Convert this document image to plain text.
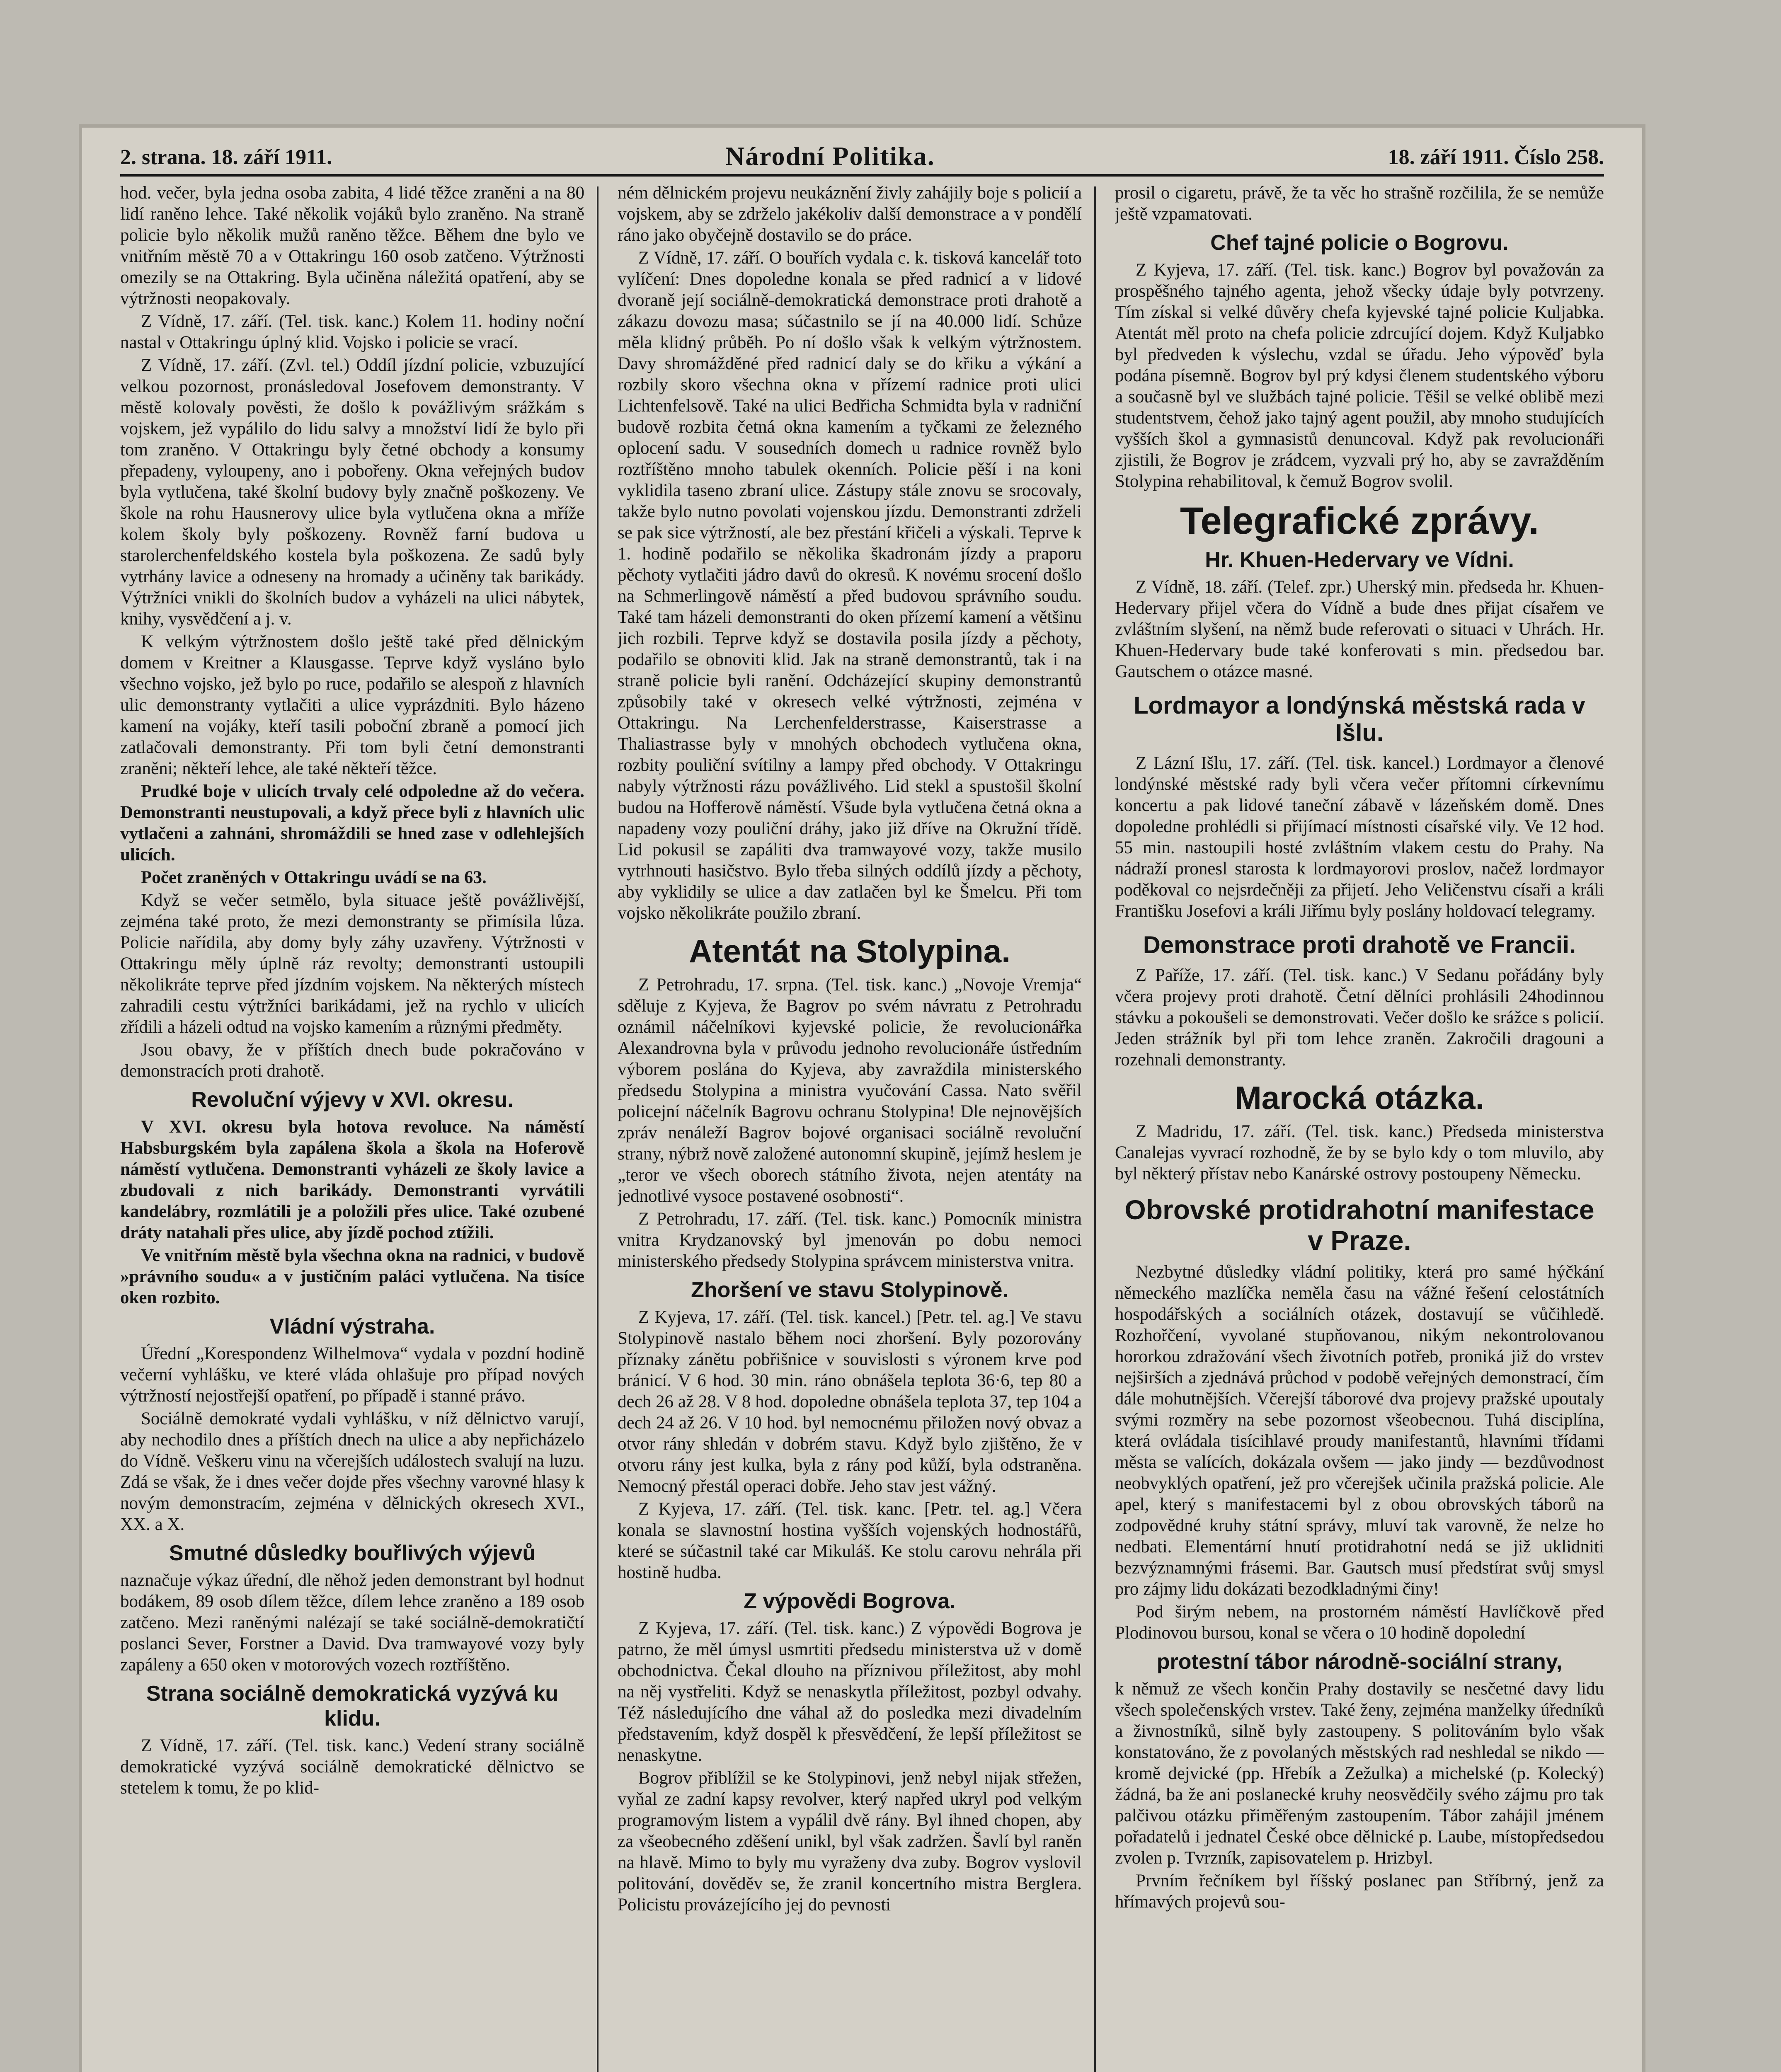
2. strana. 18. září 1911.	Národní Politika.	18. září 1911. Číslo 258.

hod. večer, byla jedna osoba zabita, 4 lidé těžce zraněni a na 80 lidí raněno lehce. Také několik vojáků bylo zraněno. Na straně policie bylo několik mužů raněno těžce. Během dne bylo ve vnitřním městě 70 a v Ottakringu 160 osob zatčeno. Výtržnosti omezily se na Ottakring. Byla učiněna náležitá opatření, aby se výtržnosti neopakovaly.

Z Vídně, 17. září. (Tel. tisk. kanc.) Kolem 11. hodiny noční nastal v Ottakringu úplný klid. Vojsko i policie se vrací.

Z Vídně, 17. září. (Zvl. tel.) Oddíl jízdní policie, vzbuzující velkou pozornost, pronásledoval Josefovem demonstranty. V městě kolovaly pověsti, že došlo k povážlivým srážkám s vojskem, jež vypálilo do lidu salvy a množství lidí že bylo při tom zraněno. V Ottakringu byly četné obchody a konsumy přepadeny, vyloupeny, ano i pobořeny. Okna veřejných budov byla vytlučena, také školní budovy byly značně poškozeny. Ve škole na rohu Hausnerovy ulice byla vytlučena okna a mříže kolem školy byly poškozeny. Rovněž farní budova u starolerchenfeldského kostela byla poškozena. Ze sadů byly vytrhány lavice a odneseny na hromady a učiněny tak barikády. Výtržníci vnikli do školních budov a vyházeli na ulici nábytek, knihy, vysvědčení a j. v.

K velkým výtržnostem došlo ještě také před dělnickým domem v Kreitner a Klausgasse. Teprve když vysláno bylo všechno vojsko, jež bylo po ruce, podařilo se alespoň z hlavních ulic demonstranty vytlačiti a ulice vyprázdniti. Bylo házeno kamení na vojáky, kteří tasili poboční zbraně a pomocí jich zatlačovali demonstranty. Při tom byli četní demonstranti zraněni; někteří lehce, ale také někteří těžce.

Prudké boje v ulicích trvaly celé odpoledne až do večera. Demonstranti neustupovali, a když přece byli z hlavních ulic vytlačeni a zahnáni, shromáždili se hned zase v odlehlejších ulicích.

Počet zraněných v Ottakringu uvádí se na 63.

Když se večer setmělo, byla situace ještě povážlivější, zejména také proto, že mezi demonstranty se přimísila lůza. Policie nařídila, aby domy byly záhy uzavřeny. Výtržnosti v Ottakringu měly úplně ráz revolty; demonstranti ustoupili několikráte teprve před jízdním vojskem. Na některých místech zahradili cestu výtržníci barikádami, jež na rychlo v ulicích zřídili a házeli odtud na vojsko kamením a různými předměty.

Jsou obavy, že v příštích dnech bude pokračováno v demonstracích proti drahotě.

Revoluční výjevy v XVI. okresu.

V XVI. okresu byla hotova revoluce. Na náměstí Habsburgském byla zapálena škola a škola na Hoferově náměstí vytlučena. Demonstranti vyházeli ze školy lavice a zbudovali z nich barikády. Demonstranti vyrvátili kandelábry, rozmlátili je a položili přes ulice. Také ozubené dráty natahali přes ulice, aby jízdě pochod ztížili.

Ve vnitřním městě byla všechna okna na radnici, v budově »právního soudu« a v justičním paláci vytlučena. Na tisíce oken rozbito.

Vládní výstraha.

Úřední „Korespondenz Wilhelmova“ vydala v pozdní hodině večerní vyhlášku, ve které vláda ohlašuje pro případ nových výtržností nejostřejší opatření, po případě i stanné právo.

Sociálně demokraté vydali vyhlášku, v níž dělnictvo varují, aby nechodilo dnes a příštích dnech na ulice a aby nepřicházelo do Vídně. Veškeru vinu na včerejších událostech svalují na luzu. Zdá se však, že i dnes večer dojde přes všechny varovné hlasy k novým demonstracím, zejména v dělnických okresech XVI., XX. a X.

Smutné důsledky bouřlivých výjevů

naznačuje výkaz úřední, dle něhož jeden demonstrant byl hodnut bodákem, 89 osob dílem těžce, dílem lehce zraněno a 189 osob zatčeno. Mezi raněnými nalézají se také sociálně-demokratičtí poslanci Sever, Forstner a David. Dva tramwayové vozy byly zapáleny a 650 oken v motorových vozech roztříštěno.

Strana sociálně demokratická vyzývá ku klidu.

Z Vídně, 17. září. (Tel. tisk. kanc.) Vedení strany sociálně demokratické vyzývá sociálně demokratické dělnictvo se stetelem k tomu, že po klid-

ném dělnickém projevu neukáznění živly zahájily boje s policií a vojskem, aby se zdrželo jakékoliv další demonstrace a v pondělí ráno jako obyčejně dostavilo se do práce.

Z Vídně, 17. září. O bouřích vydala c. k. tisková kancelář toto vylíčení: Dnes dopoledne konala se před radnicí a v lidové dvoraně její sociálně-demokratická demonstrace proti drahotě a zákazu dovozu masa; súčastnilo se jí na 40.000 lidí. Schůze měla klidný průběh. Po ní došlo však k velkým výtržnostem. Davy shromážděné před radnicí daly se do křiku a výkání a rozbily skoro všechna okna v přízemí radnice proti ulici Lichtenfelsově. Také na ulici Bedřicha Schmidta byla v radniční budově rozbita četná okna kamením a tyčkami ze železného oplocení sadu. V sousedních domech u radnice rovněž bylo roztříštěno mnoho tabulek okenních. Policie pěší i na koni vyklidila taseno zbraní ulice. Zástupy stále znovu se srocovaly, takže bylo nutno povolati vojenskou jízdu. Demonstranti zdrželi se pak sice výtržností, ale bez přestání křičeli a výskali. Teprve k 1. hodině podařilo se několika škadronám jízdy a praporu pěchoty vytlačiti jádro davů do okresů. K novému srocení došlo na Schmerlingově náměstí a před budovou správního soudu. Také tam házeli demonstranti do oken přízemí kamení a většinu jich rozbili. Teprve když se dostavila posila jízdy a pěchoty, podařilo se obnoviti klid. Jak na straně demonstrantů, tak i na straně policie byli ranění. Odcházející skupiny demonstrantů způsobily také v okresech velké výtržnosti, zejména v Ottakringu. Na Lerchenfelderstrasse, Kaiserstrasse a Thaliastrasse byly v mnohých obchodech vytlučena okna, rozbity pouliční svítilny a lampy před obchody. V Ottakringu nabyly výtržnosti rázu povážlivého. Lid stekl a spustošil školní budou na Hofferově náměstí. Všude byla vytlučena četná okna a napadeny vozy pouliční dráhy, jako již dříve na Okružní třídě. Lid pokusil se zapáliti dva tramwayové vozy, takže musilo vytrhnouti hasičstvo. Bylo třeba silných oddílů jízdy a pěchoty, aby vyklidily se ulice a dav zatlačen byl ke Šmelcu. Při tom vojsko několikráte použilo zbraní.

Atentát na Stolypina.

Z Petrohradu, 17. srpna. (Tel. tisk. kanc.) „Novoje Vremja“ sděluje z Kyjeva, že Bagrov po svém návratu z Petrohradu oznámil náčelníkovi kyjevské policie, že revolucionářka Alexandrovna byla v průvodu jednoho revolucionáře ústředním výborem poslána do Kyjeva, aby zavraždila ministerského předsedu Stolypina a ministra vyučování Cassa. Nato svěřil policejní náčelník Bagrovu ochranu Stolypina! Dle nejnovějších zpráv nenáleží Bagrov bojové organisaci sociálně revoluční strany, nýbrž nově založené autonomní skupině, jejímž heslem je „teror ve všech oborech státního života, nejen atentáty na jednotlivé vysoce postavené osobnosti“.

Z Petrohradu, 17. září. (Tel. tisk. kanc.) Pomocník ministra vnitra Krydzanovský byl jmenován po dobu nemoci ministerského předsedy Stolypina správcem ministerstva vnitra.

Zhoršení ve stavu Stolypinově.

Z Kyjeva, 17. září. (Tel. tisk. kancel.) [Petr. tel. ag.] Ve stavu Stolypinově nastalo během noci zhoršení. Byly pozorovány příznaky zánětu pobřišnice v souvislosti s výronem krve pod bránicí. V 6 hod. 30 min. ráno obnášela teplota 36·6, tep 80 a dech 26 až 28. V 8 hod. dopoledne obnášela teplota 37, tep 104 a dech 24 až 26. V 10 hod. byl nemocnému přiložen nový obvaz a otvor rány shledán v dobrém stavu. Když bylo zjištěno, že v otvoru rány jest kulka, byla z rány pod kůží, byla odstraněna. Nemocný přestál operaci dobře. Jeho stav jest vážný.

Z Kyjeva, 17. září. (Tel. tisk. kanc. [Petr. tel. ag.] Včera konala se slavnostní hostina vyšších vojenských hodnostářů, které se súčastnil také car Mikuláš. Ke stolu carovu nehrála při hostině hudba.

Z výpovědi Bogrova.

Z Kyjeva, 17. září. (Tel. tisk. kanc.) Z výpovědi Bogrova je patrno, že měl úmysl usmrtiti předsedu ministerstva už v domě obchodnictva. Čekal dlouho na příznivou příležitost, aby mohl na něj vystřeliti. Když se nenaskytla příležitost, pozbyl odvahy. Též následujícího dne váhal až do posledka mezi divadelním představením, když dospěl k přesvědčení, že lepší příležitost se nenaskytne.

Bogrov přiblížil se ke Stolypinovi, jenž nebyl nijak střežen, vyňal ze zadní kapsy revolver, který napřed ukryl pod velkým programovým listem a vypálil dvě rány. Byl ihned chopen, aby za všeobecného zděšení unikl, byl však zadržen. Šavlí byl raněn na hlavě. Mimo to byly mu vyraženy dva zuby. Bogrov vyslovil politování, dověděv se, že zranil koncertního mistra Berglera. Policistu provázejícího jej do pevnosti

prosil o cigaretu, právě, že ta věc ho strašně rozčilila, že se nemůže ještě vzpamatovati.

Chef tajné policie o Bogrovu.

Z Kyjeva, 17. září. (Tel. tisk. kanc.) Bogrov byl považován za prospěšného tajného agenta, jehož všecky údaje byly potvrzeny. Tím získal si velké důvěry chefa kyjevské tajné policie Kuljabka. Atentát měl proto na chefa policie zdrcující dojem. Když Kuljabko byl předveden k výslechu, vzdal se úřadu. Jeho výpověď byla podána písemně. Bogrov byl prý kdysi členem studentského výboru a současně byl ve službách tajné policie. Těšil se velké oblibě mezi studentstvem, čehož jako tajný agent použil, aby mnoho studujících vyšších škol a gymnasistů denuncoval. Když pak revolucionáři zjistili, že Bogrov je zrádcem, vyzvali prý ho, aby se zavražděním Stolypina rehabilitoval, k čemuž Bogrov svolil.

Telegrafické zprávy.
Hr. Khuen-Hedervary ve Vídni.

Z Vídně, 18. září. (Telef. zpr.) Uherský min. předseda hr. Khuen-Hedervary přijel včera do Vídně a bude dnes přijat císařem ve zvláštním slyšení, na němž bude referovati o situaci v Uhrách. Hr. Khuen-Hedervary bude také konferovati s min. předsedou bar. Gautschem o otázce masné.

Lordmayor a londýnská městská rada v Išlu.

Z Lázní Išlu, 17. září. (Tel. tisk. kancel.) Lordmayor a členové londýnské městské rady byli včera večer přítomni církevnímu koncertu a pak lidové taneční zábavě v lázeňském domě. Dnes dopoledne prohlédli si přijímací místnosti císařské vily. Ve 12 hod. 55 min. nastoupili hosté zvláštním vlakem cestu do Prahy. Na nádraží pronesl starosta k lordmayorovi proslov, načež lordmayor poděkoval co nejsrdečněji za přijetí. Jeho Veličenstvu císaři a králi Františku Josefovi a králi Jiřímu byly poslány holdovací telegramy.

Demonstrace proti drahotě ve Francii.

Z Paříže, 17. září. (Tel. tisk. kanc.) V Sedanu pořádány byly včera projevy proti drahotě. Četní dělníci prohlásili 24hodinnou stávku a pokoušeli se demonstrovati. Večer došlo ke srážce s policií. Jeden strážník byl při tom lehce zraněn. Zakročili dragouni a rozehnali demonstranty.

Marocká otázka.

Z Madridu, 17. září. (Tel. tisk. kanc.) Předseda ministerstva Canalejas vyvrací rozhodně, že by se bylo kdy o tom mluvilo, aby byl některý přístav nebo Kanárské ostrovy postoupeny Německu.

Obrovské protidrahotní manifestace v Praze.

Nezbytné důsledky vládní politiky, která pro samé hýčkání německého mazlíčka neměla času na vážné řešení celostátních hospodářských a sociálních otázek, dostavují se vůčihledě. Rozhořčení, vyvolané stupňovanou, nikým nekontrolovanou hororkou zdražování všech životních potřeb, proniká již do vrstev nejširších a zjednává průchod v podobě veřejných demonstrací, čím dále mohutnějších. Včerejší táborové dva projevy pražské upoutaly svými rozměry na sebe pozornost všeobecnou. Tuhá disciplína, která ovládala tisícihlavé proudy manifestantů, hlavními třídami města se valících, dokázala ovšem — jako jindy — bezdůvodnost neobvyklých opatření, jež pro včerejšek učinila pražská policie. Ale apel, který s manifestacemi byl z obou obrovských táborů na zodpovědné kruhy státní správy, mluví tak varovně, že nelze ho nedbati. Elementární hnutí protidrahotní nedá se již uklidniti bezvýznamnými frásemi. Bar. Gautsch musí předstírat svůj smysl pro zájmy lidu dokázati bezodkladnými činy!

Pod širým nebem, na prostorném náměstí Havlíčkově před Plodinovou bursou, konal se včera o 10 hodině dopolední

protestní tábor národně-sociální strany,

k němuž ze všech končin Prahy dostavily se nesčetné davy lidu všech společenských vrstev. Také ženy, zejména manželky úředníků a živnostníků, silně byly zastoupeny. S politováním bylo však konstatováno, že z povolaných městských rad neshledal se nikdo — kromě dejvické (pp. Hřebík a Zežulka) a michelské (p. Kolecký) žádná, ba že ani poslanecké kruhy neosvědčily svého zájmu pro tak palčivou otázku přiměřeným zastoupením. Tábor zahájil jménem pořadatelů i jednatel České obce dělnické p. Laube, místopředsedou zvolen p. Tvrzník, zapisovatelem p. Hrizbyl.

Prvním řečníkem byl říšský poslanec pan Stříbrný, jenž za hřímavých projevů sou-
